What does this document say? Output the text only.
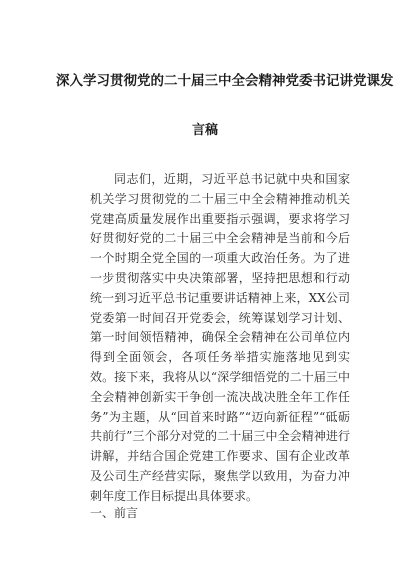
深入学习贯彻党的二十届三中全会精神党委书记讲党课发
言稿

同志们，近期，习近平总书记就中央和国家机关学习贯彻党的二十届三中全会精神推动机关党建高质量发展作出重要指示强调，要求将学习好贯彻好党的二十届三中全会精神是当前和今后一个时期全党全国的一项重大政治任务。为了进一步贯彻落实中央决策部署，坚持把思想和行动统一到习近平总书记重要讲话精神上来，XX公司党委第一时间召开党委会，统筹谋划学习计划、第一时间领悟精神，确保全会精神在公司单位内得到全面领会，各项任务举措实施落地见到实效。接下来，我将从以“深学细悟党的二十届三中全会精神创新实干争创一流决战决胜全年工作任务”为主题，从“回首来时路”“迈向新征程”“砥砺共前行”三个部分对党的二十届三中全会精神进行讲解，并结合国企党建工作要求、国有企业改革及公司生产经营实际，聚焦学以致用，为奋力冲刺年度工作目标提出具体要求。

一、前言
